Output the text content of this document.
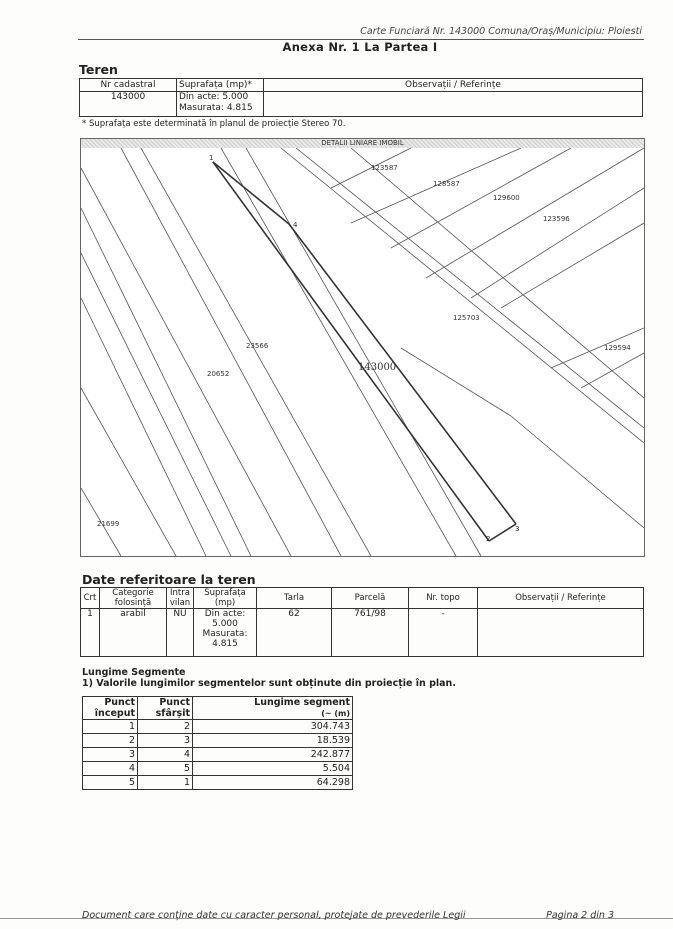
Carte Funciară Nr. 143000 Comuna/Oraș/Municipiu: Ploiesti
Anexa Nr. 1 La Partea I
Teren
Nr cadastral	Suprafața (mp)*	Observații / Referințe
143000	Din acte: 5.000
Masurata: 4.815	

* Suprafața este determinată în planul de proiecție Stereo 70.
DETALII LINIARE IMOBIL
123587
128587
129600
123596
125703
129594
23566
20652
21699
1
2
3
4
143000
Date referitoare la teren
Crt	Categorie folosință	Intra vilan	Suprafața (mp)	Tarla	Parcelă	Nr. topo	Observații / Referințe
1	arabil	NU	Din acte:
5.000
Masurata:
4.815	62	761/98	-	
Lungime Segmente
1) Valorile lungimilor segmentelor sunt obținute din proiecție în plan.
Punct început	Punct sfârșit	Lungime segment
(~ (m)

1	2	304.743
2	3	18.539
3	4	242.877
4	5	5.504
5	1	64.298
Document care conține date cu caracter personal, protejate de prevederile Legii	Pagina 2 din 3
